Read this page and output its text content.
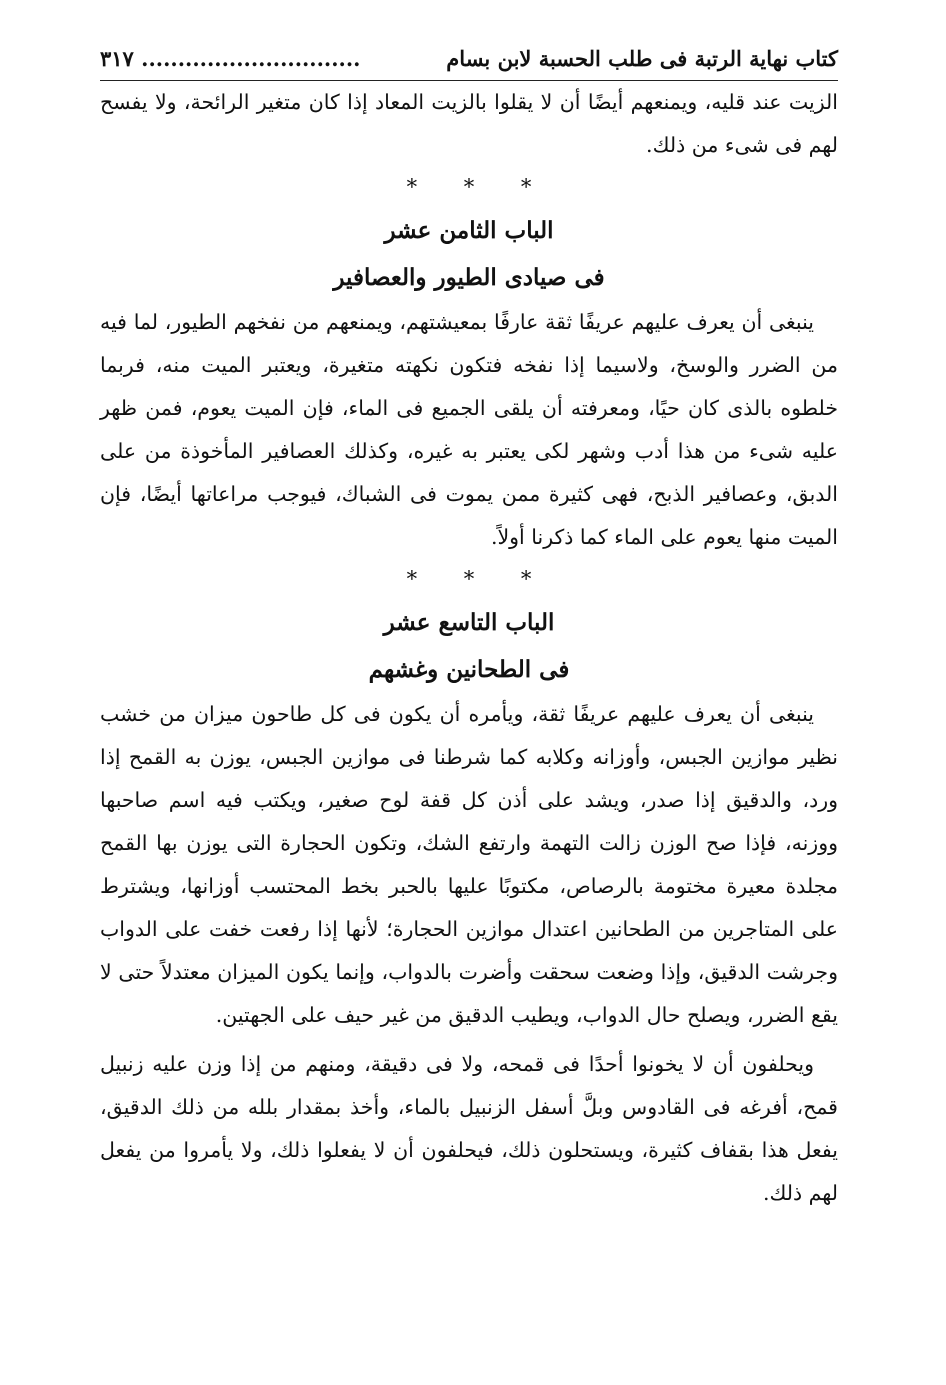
كتاب نهاية الرتبة فى طلب الحسبة لابن بسام
٣١٧ ..............................

الزيت عند قليه، ويمنعهم أيضًا أن لا يقلوا بالزيت المعاد إذا كان متغير الرائحة، ولا يفسح لهم فى شىء من ذلك.

* * *
الباب الثامن عشر
فى صيادى الطيور والعصافير

ينبغى أن يعرف عليهم عريفًا ثقة عارفًا بمعيشتهم، ويمنعهم من نفخهم الطيور، لما فيه من الضرر والوسخ، ولاسيما إذا نفخه فتكون نكهته متغيرة، ويعتبر الميت منه، فربما خلطوه بالذى كان حيًا، ومعرفته أن يلقى الجميع فى الماء، فإن الميت يعوم، فمن ظهر عليه شىء من هذا أدب وشهر لكى يعتبر به غيره، وكذلك العصافير المأخوذة من على الدبق، وعصافير الذبح، فهى كثيرة ممن يموت فى الشباك، فيوجب مراعاتها أيضًا، فإن الميت منها يعوم على الماء كما ذكرنا أولاً.

* * *
الباب التاسع عشر
فى الطحانين وغشهم

ينبغى أن يعرف عليهم عريفًا ثقة، ويأمره أن يكون فى كل طاحون ميزان من خشب نظير موازين الجبس، وأوزانه وكلابه كما شرطنا فى موازين الجبس، يوزن به القمح إذا ورد، والدقيق إذا صدر، ويشد على أذن كل قفة لوح صغير، ويكتب فيه اسم صاحبها ووزنه، فإذا صح الوزن زالت التهمة وارتفع الشك، وتكون الحجارة التى يوزن بها القمح مجلدة معيرة مختومة بالرصاص، مكتوبًا عليها بالحبر بخط المحتسب أوزانها، ويشترط على المتاجرين من الطحانين اعتدال موازين الحجارة؛ لأنها إذا رفعت خفت على الدواب وجرشت الدقيق، وإذا وضعت سحقت وأضرت بالدواب، وإنما يكون الميزان معتدلاً حتى لا يقع الضرر، ويصلح حال الدواب، ويطيب الدقيق من غير حيف على الجهتين.

ويحلفون أن لا يخونوا أحدًا فى قمحه، ولا فى دقيقة، ومنهم من إذا وزن عليه زنبيل قمح، أفرغه فى القادوس وبلَّ أسفل الزنبيل بالماء، وأخذ بمقدار بلله من ذلك الدقيق، يفعل هذا بقفاف كثيرة، ويستحلون ذلك، فيحلفون أن لا يفعلوا ذلك، ولا يأمروا من يفعل لهم ذلك.
